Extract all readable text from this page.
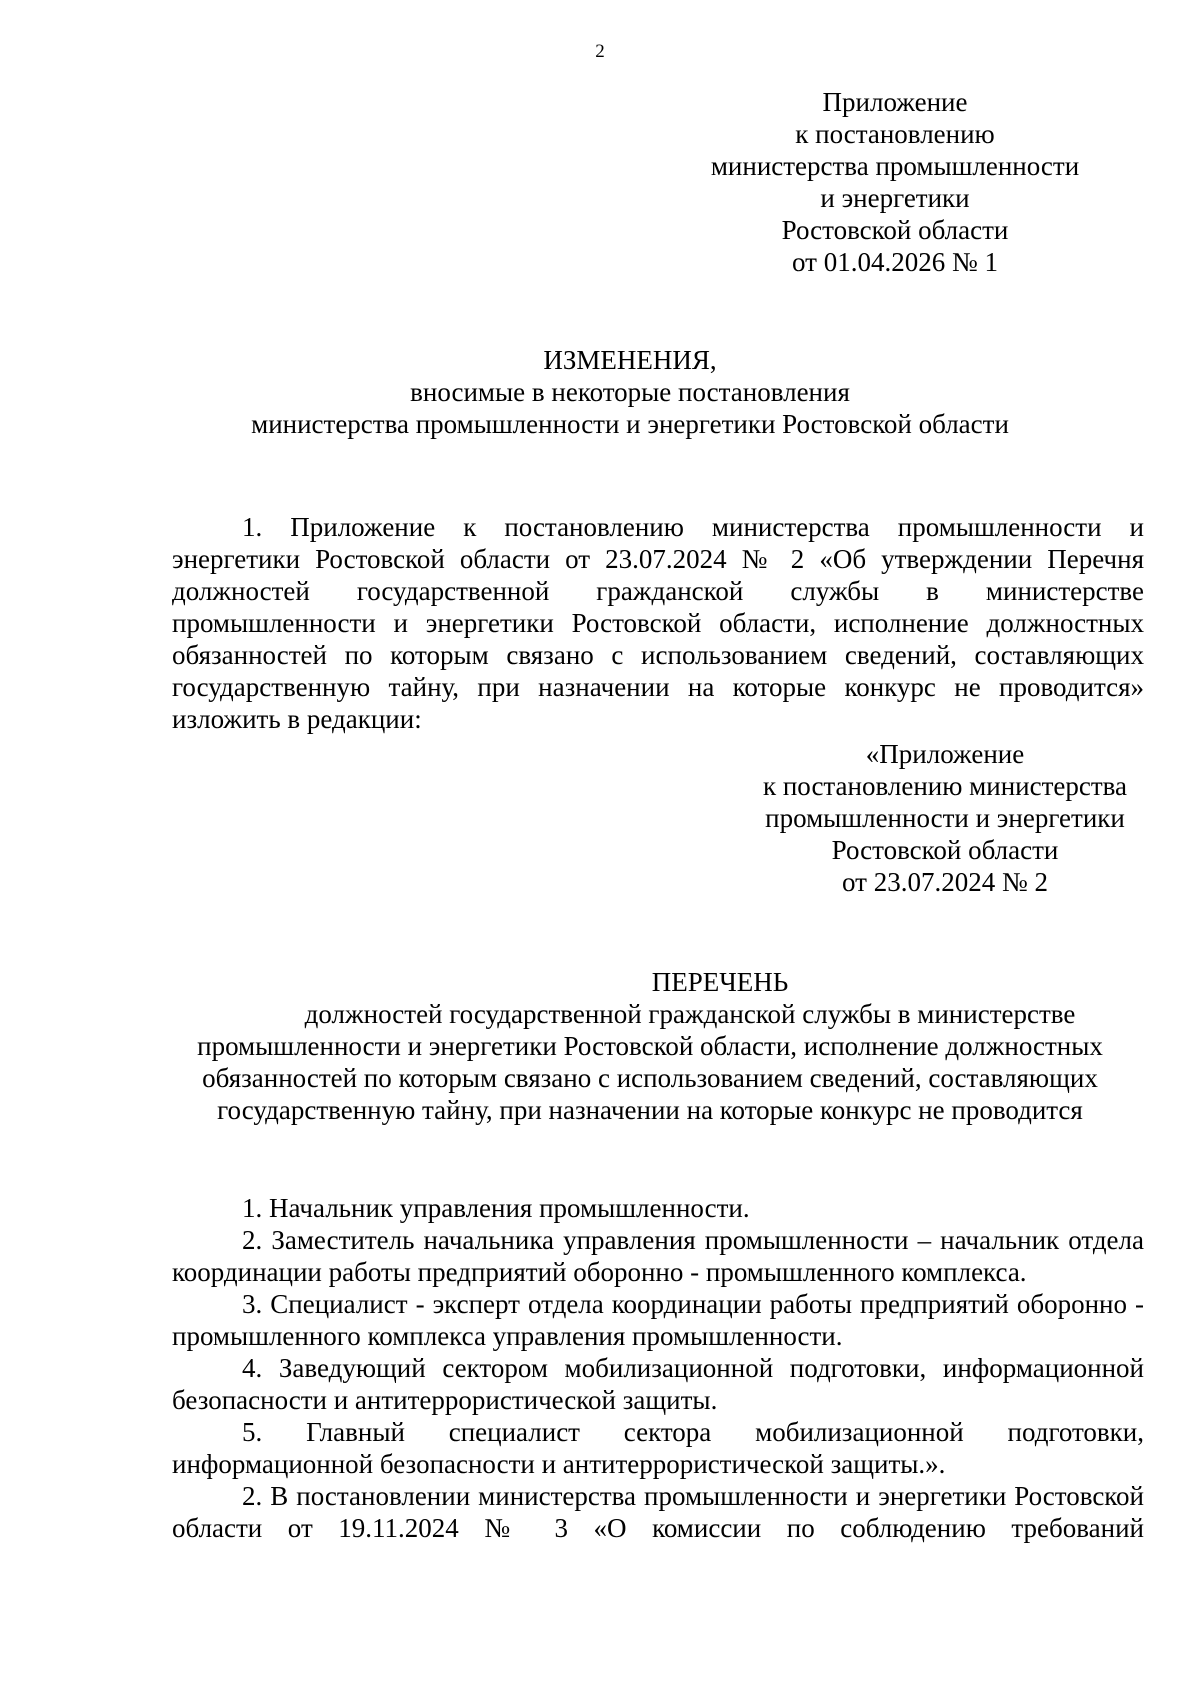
2
Приложение
к постановлению
министерства промышленности
и энергетики
Ростовской области
от 01.04.2026 № 1
ИЗМЕНЕНИЯ,
вносимые в некоторые постановления
министерства промышленности и энергетики Ростовской области
1. Приложение к постановлению министерства промышленности и энергетики Ростовской области от 23.07.2024 № 2 «Об утверждении Перечня должностей государственной гражданской службы в министерстве промышленности и энергетики Ростовской области, исполнение должностных обязанностей по которым связано с использованием сведений, составляющих государственную тайну, при назначении на которые конкурс не проводится» изложить в редакции:
«Приложение
к постановлению министерства
промышленности и энергетики
Ростовской области
от 23.07.2024 № 2
ПЕРЕЧЕНЬ
должностей государственной гражданской службы в министерстве
промышленности и энергетики Ростовской области, исполнение должностных
обязанностей по которым связано с использованием сведений, составляющих
государственную тайну, при назначении на которые конкурс не проводится

1. Начальник управления промышленности.

2. Заместитель начальника управления промышленности – начальник отдела координации работы предприятий оборонно - промышленного комплекса.

3. Специалист - эксперт отдела координации работы предприятий оборонно - промышленного комплекса управления промышленности.

4. Заведующий сектором мобилизационной подготовки, информационной безопасности и антитеррористической защиты.

5. Главный специалист сектора мобилизационной подготовки, информационной безопасности и антитеррористической защиты.».

2. В постановлении министерства промышленности и энергетики Ростовской области от 19.11.2024 № 3 «О комиссии по соблюдению требований
